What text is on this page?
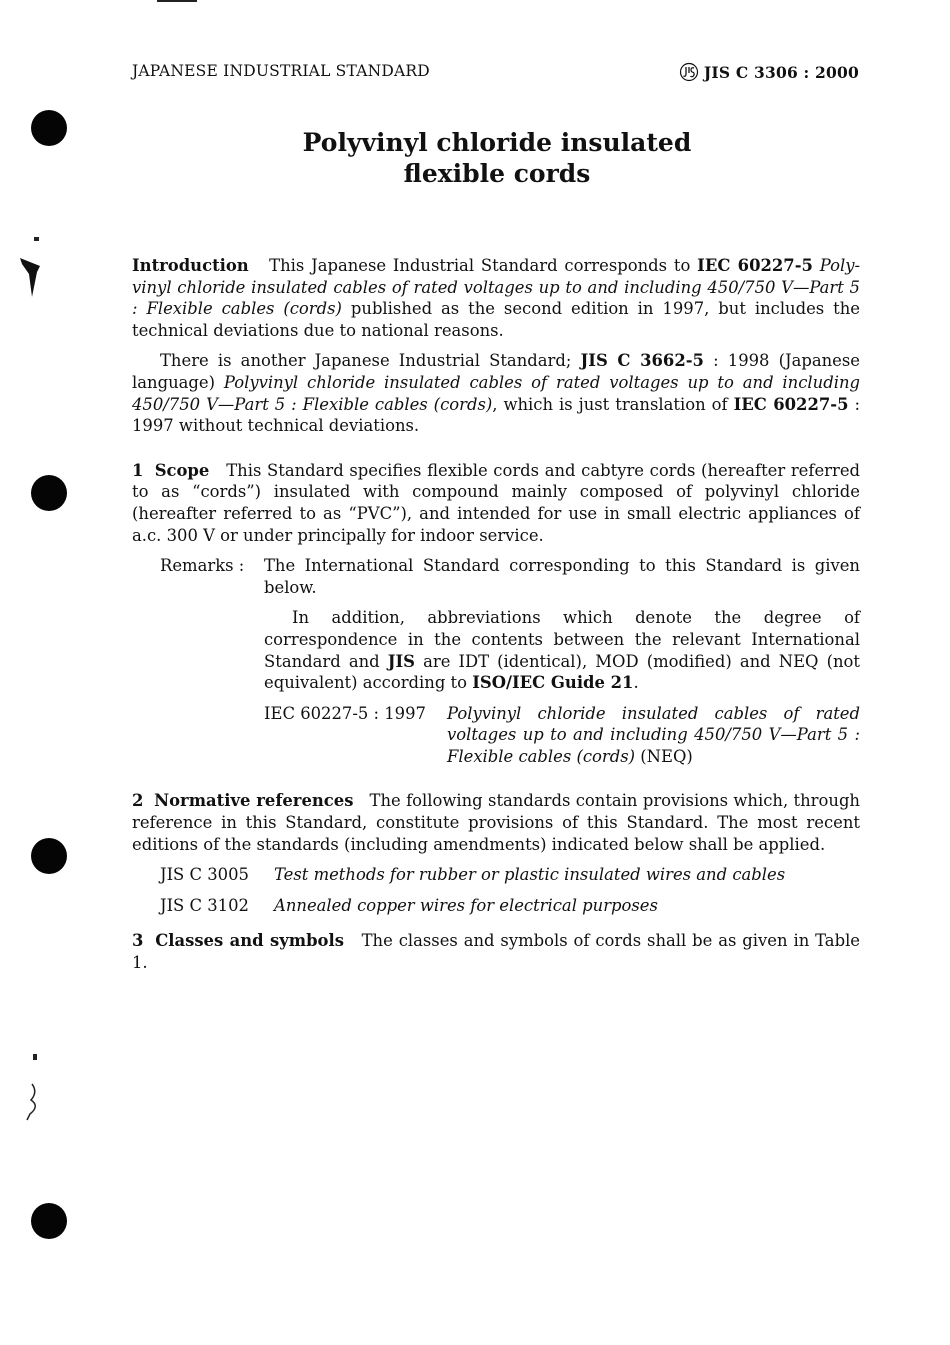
JAPANESE INDUSTRIAL STANDARD	JIS C 3306 : 2000
Polyvinyl chloride insulated
flexible cords

Introduction This Japanese Industrial Standard corresponds to IEC 60227-5 Poly-vinyl chloride insulated cables of rated voltages up to and including 450/750 V—Part 5 : Flexible cables (cords) published as the second edition in 1997, but includes the technical deviations due to national reasons.

There is another Japanese Industrial Standard; JIS C 3662-5 : 1998 (Japanese language) Polyvinyl chloride insulated cables of rated voltages up to and including 450/750 V—Part 5 : Flexible cables (cords), which is just translation of IEC 60227-5 : 1997 without technical deviations.

1 Scope This Standard specifies flexible cords and cabtyre cords (hereafter referred to as “cords”) insulated with compound mainly composed of polyvinyl chloride (hereafter referred to as “PVC”), and intended for use in small electric appliances of a.c. 300 V or under principally for indoor service.

Remarks :	The International Standard corresponding to this Standard is given below.

In addition, abbreviations which denote the degree of correspondence in the contents between the relevant International Standard and JIS are IDT (identical), MOD (modified) and NEQ (not equivalent) according to ISO/IEC Guide 21.

IEC 60227-5 : 1997	Polyvinyl chloride insulated cables of rated voltages up to and including 450/750 V—Part 5 : Flexible cables (cords) (NEQ)

2 Normative references The following standards contain provisions which, through reference in this Standard, constitute provisions of this Standard. The most recent editions of the standards (including amendments) indicated below shall be applied.

JIS C 3005	Test methods for rubber or plastic insulated wires and cables
JIS C 3102	Annealed copper wires for electrical purposes

3 Classes and symbols The classes and symbols of cords shall be as given in Table 1.
